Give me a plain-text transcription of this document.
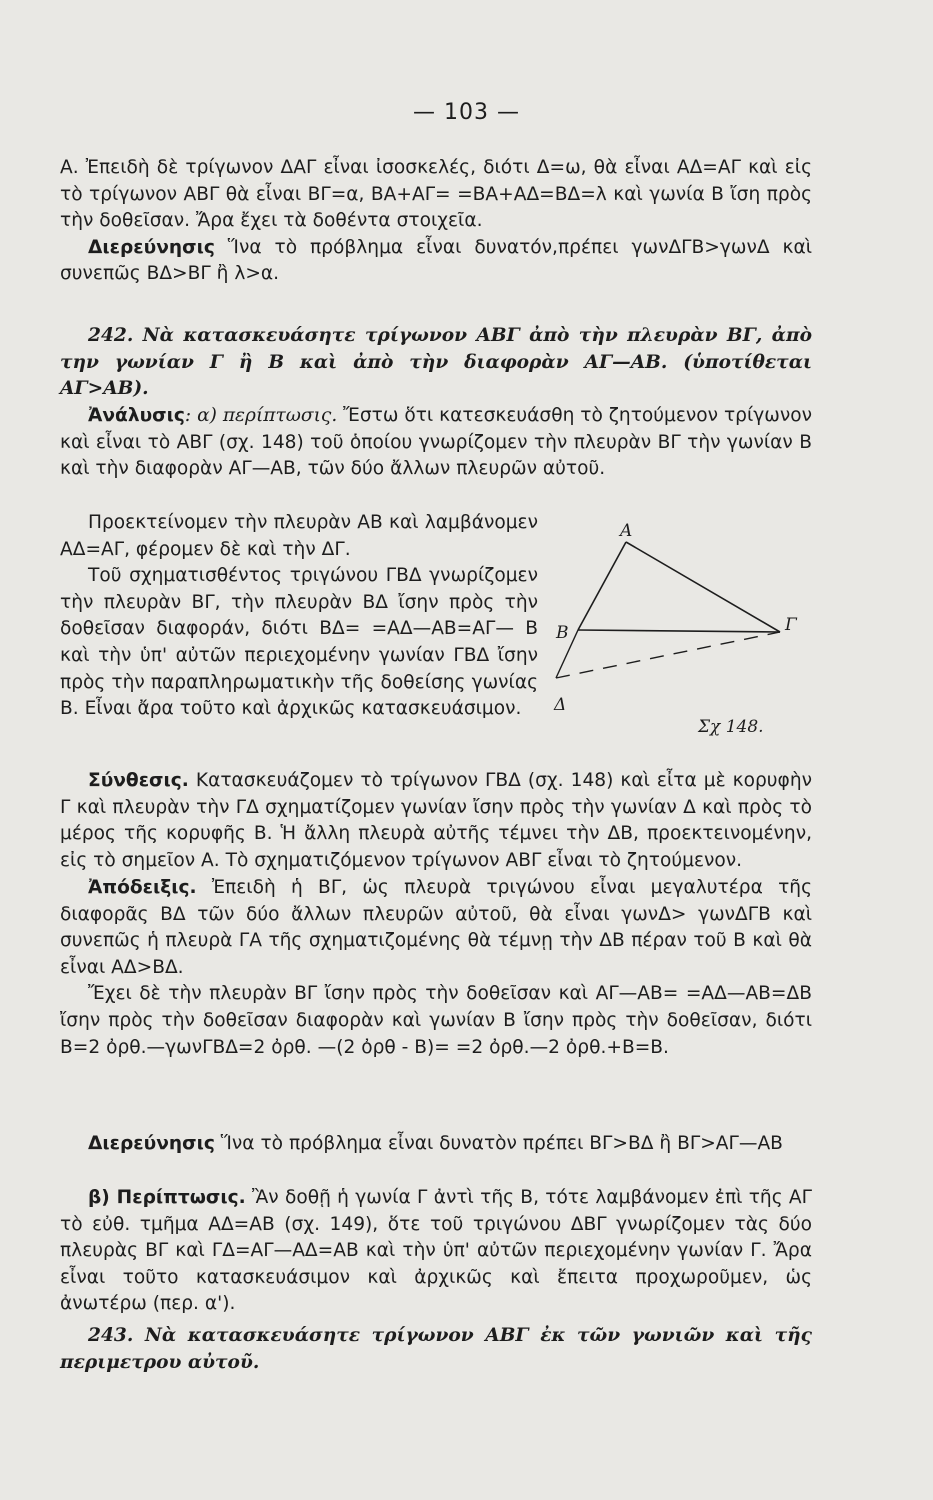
— 103 —

Α. Ἐπειδὴ δὲ τρίγωνον ΔΑΓ εἶναι ἰσοσκελές, διότι Δ=ω, θὰ εἶναι ΑΔ=ΑΓ καὶ εἰς τὸ τρίγωνον ΑΒΓ θὰ εἶναι ΒΓ=α, ΒΑ+ΑΓ= =ΒΑ+ΑΔ=ΒΔ=λ καὶ γωνία Β ἴση πρὸς τὴν δοθεῖσαν. Ἄρα ἔχει τὰ δοθέντα στοιχεῖα.

Διερεύνησις Ἵνα τὸ πρόβλημα εἶναι δυνατόν,πρέπει γωνΔΓΒ>γωνΔ καὶ συνεπῶς ΒΔ>ΒΓ ἢ λ>α.

242. Νὰ κατασκευάσητε τρίγωνον ΑΒΓ ἀπὸ τὴν πλευρὰν ΒΓ, ἀπὸ την γωνίαν Γ ἢ Β καὶ ἀπὸ τὴν διαφορὰν ΑΓ—ΑΒ. (ὑποτίθεται ΑΓ>ΑΒ).

Ἀνάλυσις: α) περίπτωσις. Ἔστω ὅτι κατεσκευάσθη τὸ ζητούμενον τρίγωνον καὶ εἶναι τὸ ΑΒΓ (σχ. 148) τοῦ ὁποίου γνωρίζομεν τὴν πλευρὰν ΒΓ τὴν γωνίαν Β καὶ τὴν διαφορὰν ΑΓ—ΑΒ, τῶν δύο ἄλλων πλευρῶν αὐτοῦ.

Προεκτείνομεν τὴν πλευρὰν ΑΒ καὶ λαμβάνομεν ΑΔ=ΑΓ, φέρομεν δὲ καὶ τὴν ΔΓ.

Τοῦ σχηματισθέντος τριγώνου ΓΒΔ γνωρίζομεν τὴν πλευρὰν ΒΓ, τὴν πλευρὰν ΒΔ ἴσην πρὸς τὴν δοθεῖσαν διαφοράν, διότι ΒΔ= =ΑΔ—ΑΒ=ΑΓ— Β καὶ τὴν ὑπ' αὐτῶν περιεχομένην γωνίαν ΓΒΔ ἴσην πρὸς τὴν παραπληρωματικὴν τῆς δοθείσης γωνίας Β. Εἶναι ἄρα τοῦτο καὶ ἀρχικῶς κατασκευάσιμον.

Α
Β	Γ
Δ
Σχ 148.

Σύνθεσις. Κατασκευάζομεν τὸ τρίγωνον ΓΒΔ (σχ. 148) καὶ εἶτα μὲ κορυφὴν Γ καὶ πλευρὰν τὴν ΓΔ σχηματίζομεν γωνίαν ἴσην πρὸς τὴν γωνίαν Δ καὶ πρὸς τὸ μέρος τῆς κορυφῆς Β. Ἡ ἄλλη πλευρὰ αὐτῆς τέμνει τὴν ΔΒ, προεκτεινομένην, εἰς τὸ σημεῖον Α. Τὸ σχηματιζόμενον τρίγωνον ΑΒΓ εἶναι τὸ ζητούμενον.

Ἀπόδειξις. Ἐπειδὴ ἡ ΒΓ, ὡς πλευρὰ τριγώνου εἶναι μεγαλυτέρα τῆς διαφορᾶς ΒΔ τῶν δύο ἄλλων πλευρῶν αὐτοῦ, θὰ εἶναι γωνΔ> γωνΔΓΒ καὶ συνεπῶς ἡ πλευρὰ ΓΑ τῆς σχηματιζομένης θὰ τέμνῃ τὴν ΔΒ πέραν τοῦ Β καὶ θὰ εἶναι ΑΔ>ΒΔ.

Ἔχει δὲ τὴν πλευρὰν ΒΓ ἴσην πρὸς τὴν δοθεῖσαν καὶ ΑΓ—ΑΒ= =ΑΔ—ΑΒ=ΔΒ ἴσην πρὸς τὴν δοθεῖσαν διαφορὰν καὶ γωνίαν Β ἴσην πρὸς τὴν δοθεῖσαν, διότι Β=2 ὀρθ.—γωνΓΒΔ=2 ὀρθ. —(2 ὀρθ - Β)= =2 ὀρθ.—2 ὀρθ.+Β=Β.

Διερεύνησις Ἵνα τὸ πρόβλημα εἶναι δυνατὸν πρέπει ΒΓ>ΒΔ ἢ ΒΓ>ΑΓ—ΑΒ

β) Περίπτωσις. Ἂν δοθῇ ἡ γωνία Γ ἀντὶ τῆς Β, τότε λαμβάνομεν ἐπὶ τῆς ΑΓ τὸ εὐθ. τμῆμα ΑΔ=ΑΒ (σχ. 149), ὅτε τοῦ τριγώνου ΔΒΓ γνωρίζομεν τὰς δύο πλευρὰς ΒΓ καὶ ΓΔ=ΑΓ—ΑΔ=ΑΒ καὶ τὴν ὑπ' αὐτῶν περιεχομένην γωνίαν Γ. Ἄρα εἶναι τοῦτο κατασκευάσιμον καὶ ἀρχικῶς καὶ ἔπειτα προχωροῦμεν, ὡς ἀνωτέρω (περ. α').

243. Νὰ κατασκευάσητε τρίγωνον ΑΒΓ ἐκ τῶν γωνιῶν καὶ τῆς περιμετρου αὐτοῦ.
